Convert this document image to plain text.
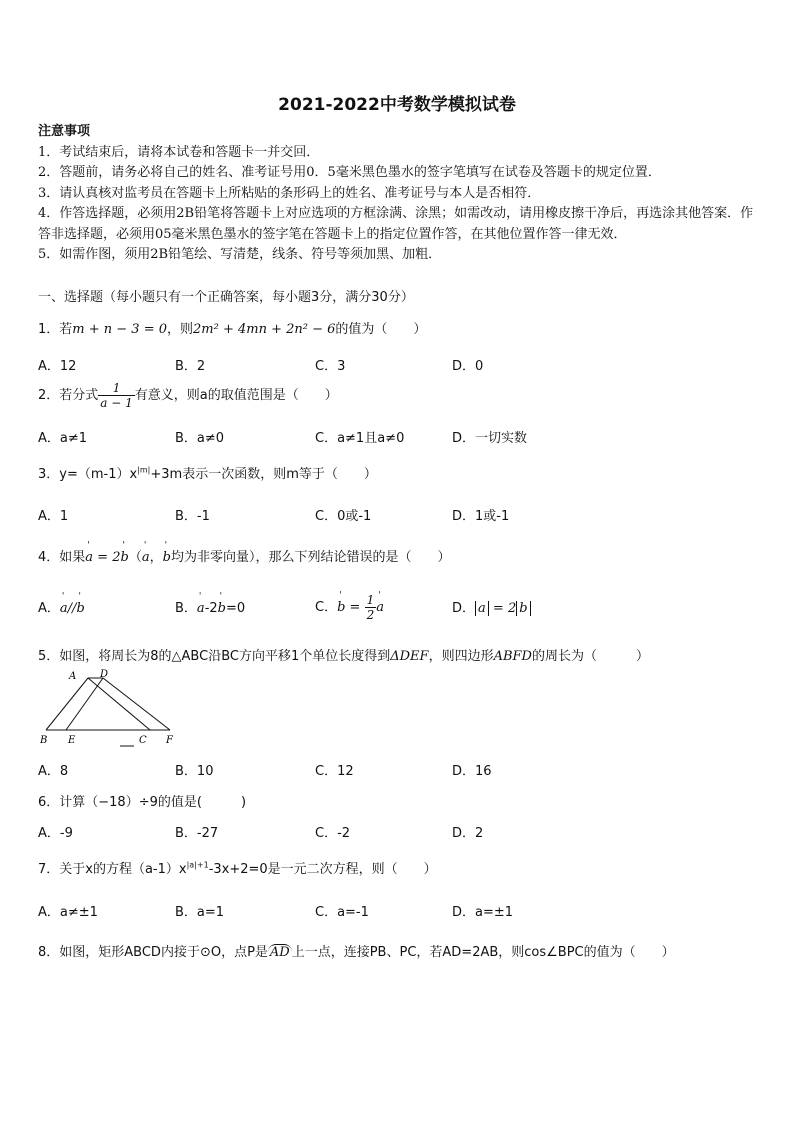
2021-2022中考数学模拟试卷
注意事项
1．考试结束后，请将本试卷和答题卡一并交回．
2．答题前，请务必将自己的姓名、准考证号用0．5毫米黑色墨水的签字笔填写在试卷及答题卡的规定位置．
3．请认真核对监考员在答题卡上所粘贴的条形码上的姓名、准考证号与本人是否相符．
4．作答选择题，必须用2B铅笔将答题卡上对应选项的方框涂满、涂黑；如需改动，请用橡皮擦干净后，再选涂其他答案．作答非选择题，必须用05毫米黑色墨水的签字笔在答题卡上的指定位置作答，在其他位置作答一律无效．
5．如需作图，须用2B铅笔绘、写清楚，线条、符号等须加黑、加粗．
一、选择题（每小题只有一个正确答案，每小题3分，满分30分）
1．若m + n − 3 = 0，则2m² + 4mn + 2n² − 6的值为（　　）
A．12	B．2	C．3	D．0
2．若分式 $\frac{1}{a - 1}$ 有意义，则a的取值范围是（　　）
A．a≠1	B．a≠0	C．a≠1且a≠0	D．一切实数
3．$y=(m-1)x^{|m|}+3m$表示一次函数，则m等于（　　）
A．1	B．-1	C．0或-1	D．1或-1
4．如果' a = 2' b（' a，' b均为非零向量），那么下列结论错误的是（　　）
A．' a//' b	B．' a-2' b=0	C．' $b = \frac{1}{2}$
' a	D． a = 2 b
5．如图，将周长为8的△ABC沿BC方向平移1个单位长度得到ΔDEF，则四边形ABFD的周长为（　　　）
A D
B E	C F
A．8	B．10	C．12	D．16
6．计算（−18）÷9的值是(　　　)
A．-9	B．-27	C．-2	D．2
7．关于x的方程$(a-1)x^{|a|+1}-3x+2=0$是一元二次方程，则（　　）
A．a≠±1	B．a=1	C．a=-1	D．a=±1
8．如图，矩形ABCD内接于⊙O，点P是 AD 上一点，连接PB、PC，若AD=2AB，则cos∠BPC的值为（　　）
